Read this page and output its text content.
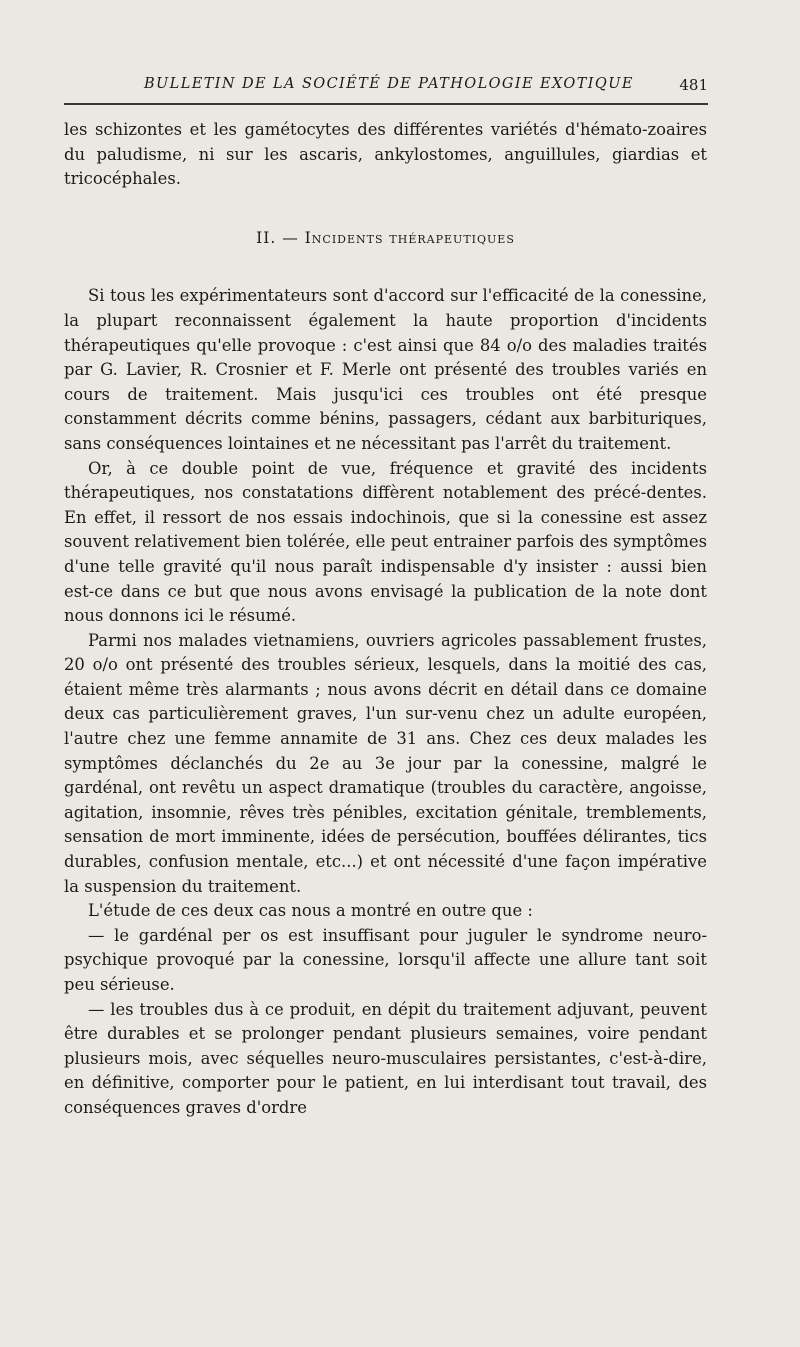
BULLETIN DE LA SOCIÉTÉ DE PATHOLOGIE EXOTIQUE	481

les schizontes et les gamétocytes des différentes variétés d'hémato-zoaires du paludisme, ni sur les ascaris, ankylostomes, anguillules, giardias et tricocéphales.

II. — Incidents thérapeutiques

Si tous les expérimentateurs sont d'accord sur l'efficacité de la conessine, la plupart reconnaissent également la haute proportion d'incidents thérapeutiques qu'elle provoque : c'est ainsi que 84 o/o des maladies traités par G. Lavier, R. Crosnier et F. Merle ont présenté des troubles variés en cours de traitement. Mais jusqu'ici ces troubles ont été presque constamment décrits comme bénins, passagers, cédant aux barbituriques, sans conséquences lointaines et ne nécessitant pas l'arrêt du traitement.

Or, à ce double point de vue, fréquence et gravité des incidents thérapeutiques, nos constatations diffèrent notablement des précé-dentes. En effet, il ressort de nos essais indochinois, que si la conessine est assez souvent relativement bien tolérée, elle peut entrainer parfois des symptômes d'une telle gravité qu'il nous paraît indispensable d'y insister : aussi bien est-ce dans ce but que nous avons envisagé la publication de la note dont nous donnons ici le résumé.

Parmi nos malades vietnamiens, ouvriers agricoles passablement frustes, 20 o/o ont présenté des troubles sérieux, lesquels, dans la moitié des cas, étaient même très alarmants ; nous avons décrit en détail dans ce domaine deux cas particulièrement graves, l'un sur-venu chez un adulte européen, l'autre chez une femme annamite de 31 ans. Chez ces deux malades les symptômes déclanchés du 2e au 3e jour par la conessine, malgré le gardénal, ont revêtu un aspect dramatique (troubles du caractère, angoisse, agitation, insomnie, rêves très pénibles, excitation génitale, tremblements, sensation de mort imminente, idées de persécution, bouffées délirantes, tics durables, confusion mentale, etc...) et ont nécessité d'une façon impérative la suspension du traitement.

L'étude de ces deux cas nous a montré en outre que :

— le gardénal per os est insuffisant pour juguler le syndrome neuro-psychique provoqué par la conessine, lorsqu'il affecte une allure tant soit peu sérieuse.

— les troubles dus à ce produit, en dépit du traitement adjuvant, peuvent être durables et se prolonger pendant plusieurs semaines, voire pendant plusieurs mois, avec séquelles neuro-musculaires persistantes, c'est-à-dire, en définitive, comporter pour le patient, en lui interdisant tout travail, des conséquences graves d'ordre
